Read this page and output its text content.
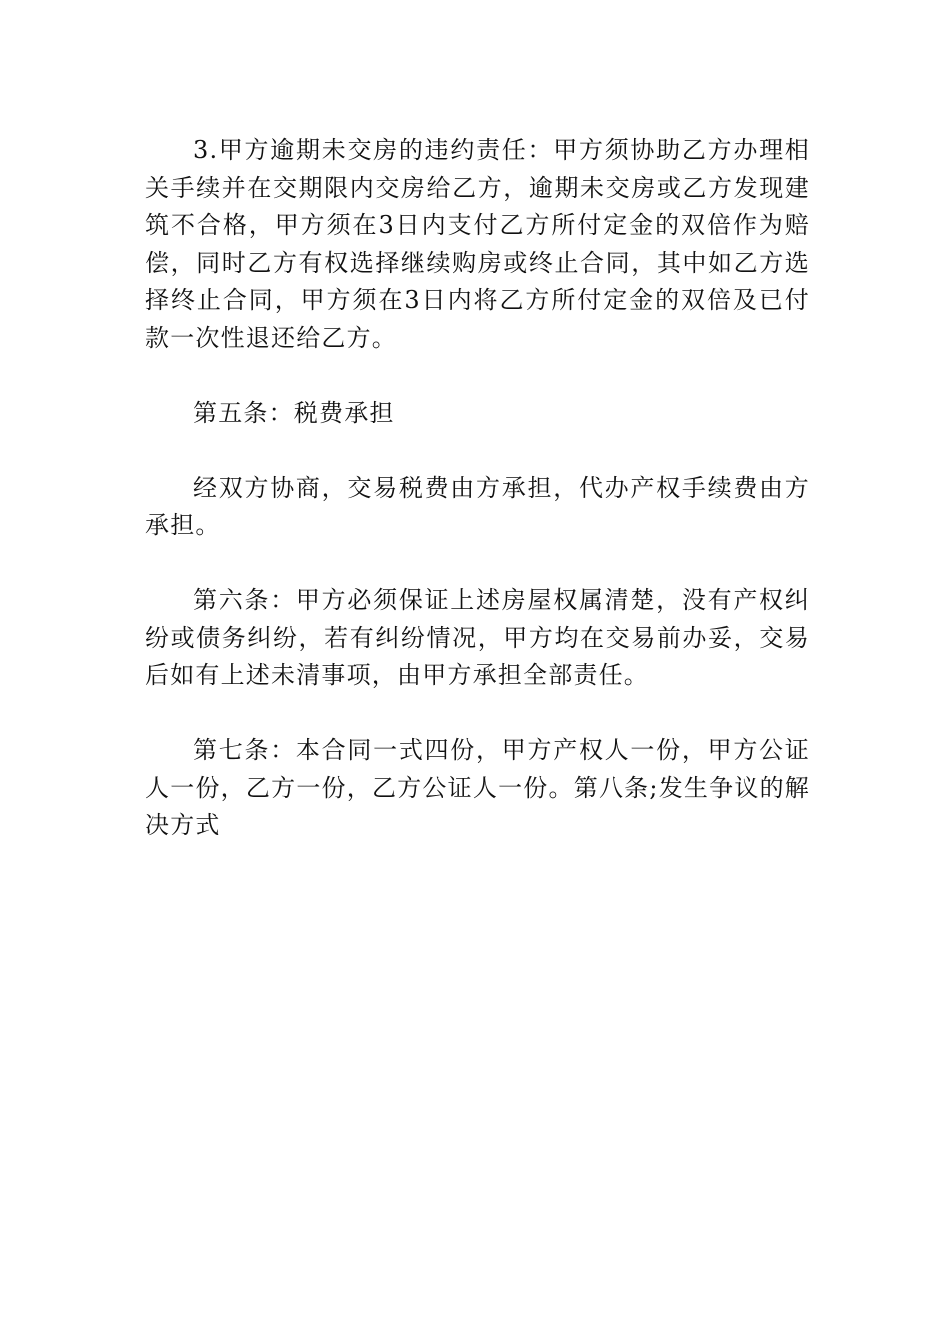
3.甲方逾期未交房的违约责任：甲方须协助乙方办理相关手续并在交期限内交房给乙方，逾期未交房或乙方发现建筑不合格，甲方须在3日内支付乙方所付定金的双倍作为赔偿，同时乙方有权选择继续购房或终止合同，其中如乙方选择终止合同，甲方须在3日内将乙方所付定金的双倍及已付款一次性退还给乙方。

第五条：税费承担

经双方协商，交易税费由方承担，代办产权手续费由方承担。

第六条：甲方必须保证上述房屋权属清楚，没有产权纠纷或债务纠纷，若有纠纷情况，甲方均在交易前办妥，交易后如有上述未清事项，由甲方承担全部责任。

第七条：本合同一式四份，甲方产权人一份，甲方公证人一份，乙方一份，乙方公证人一份。第八条;发生争议的解决方式
